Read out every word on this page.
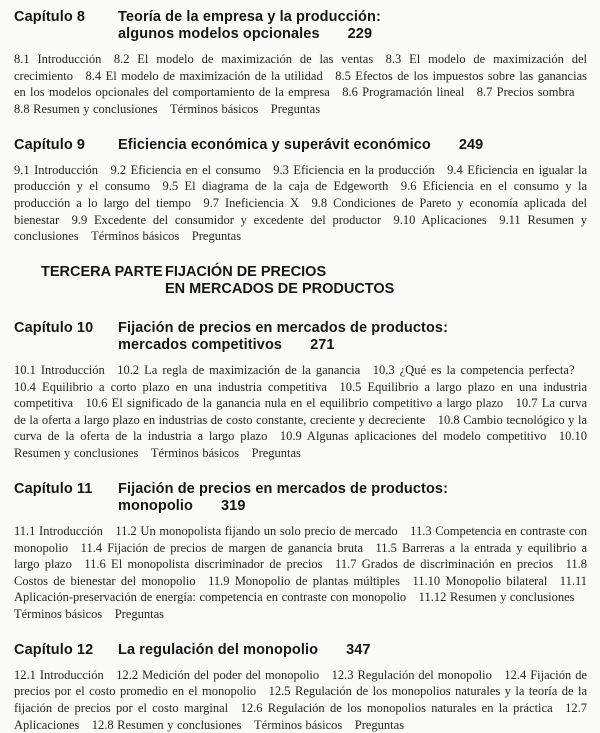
Capítulo 8	Teoría de la empresa y la producción:
algunos modelos opcionales 229

8.1 Introducción  8.2 El modelo de maximización de las ventas  8.3 El modelo de maximización del crecimiento  8.4 El modelo de maximización de la utilidad  8.5 Efectos de los impuestos sobre las ganancias en los modelos opcionales del comportamiento de la empresa  8.6 Programación lineal  8.7 Precios sombra  8.8 Resumen y conclusiones  Términos básicos  Preguntas

Capítulo 9	Eficiencia económica y superávit económico 249

9.1 Introducción  9.2 Eficiencia en el consumo  9.3 Eficiencia en la producción  9.4 Eficiencia en igualar la producción y el consumo  9.5 El diagrama de la caja de Edgeworth  9.6 Eficiencia en el consumo y la producción a lo largo del tiempo  9.7 Ineficiencia X  9.8 Condiciones de Pareto y economía aplicada del bienestar  9.9 Excedente del consumidor y excedente del productor  9.10 Aplicaciones  9.11 Resumen y conclusiones  Términos básicos  Preguntas

TERCERA PARTE FIJACIÓN DE PRECIOS
EN MERCADOS DE PRODUCTOS
Capítulo 10	Fijación de precios en mercados de productos:
mercados competitivos 271

10.1 Introducción  10.2 La regla de maximización de la ganancia  10.3 ¿Qué es la competencia perfecta?  10.4 Equilibrio a corto plazo en una industria competitiva  10.5 Equilibrio a largo plazo en una industria competitiva  10.6 El significado de la ganancia nula en el equilibrio competitivo a largo plazo  10.7 La curva de la oferta a largo plazo en industrias de costo constante, creciente y decreciente  10.8 Cambio tecnológico y la curva de la oferta de la industria a largo plazo  10.9 Algunas aplicaciones del modelo competitivo  10.10 Resumen y conclusiones  Términos básicos  Preguntas

Capítulo 11	Fijación de precios en mercados de productos:
monopolio 319

11.1 Introducción  11.2 Un monopolista fijando un solo precio de mercado  11.3 Competencia en contraste con monopolio  11.4 Fijación de precios de margen de ganancia bruta  11.5 Barreras a la entrada y equilibrio a largo plazo  11.6 El monopolista discriminador de precios  11.7 Grados de discriminación en precios  11.8 Costos de bienestar del monopolio  11.9 Monopolio de plantas múltiples  11.10 Monopolio bilateral  11.11 Aplicación-preservación de energía: competencia en contraste con monopolio  11.12 Resumen y conclusiones  Términos básicos  Preguntas

Capítulo 12	La regulación del monopolio 347

12.1 Introducción  12.2 Medición del poder del monopolio  12.3 Regulación del monopolio  12.4 Fijación de precios por el costo promedio en el monopolio  12.5 Regulación de los monopolios naturales y la teoría de la fijación de precios por el costo marginal  12.6 Regulación de los monopolios naturales en la práctica  12.7 Aplicaciones  12.8 Resumen y conclusiones  Términos básicos  Preguntas
